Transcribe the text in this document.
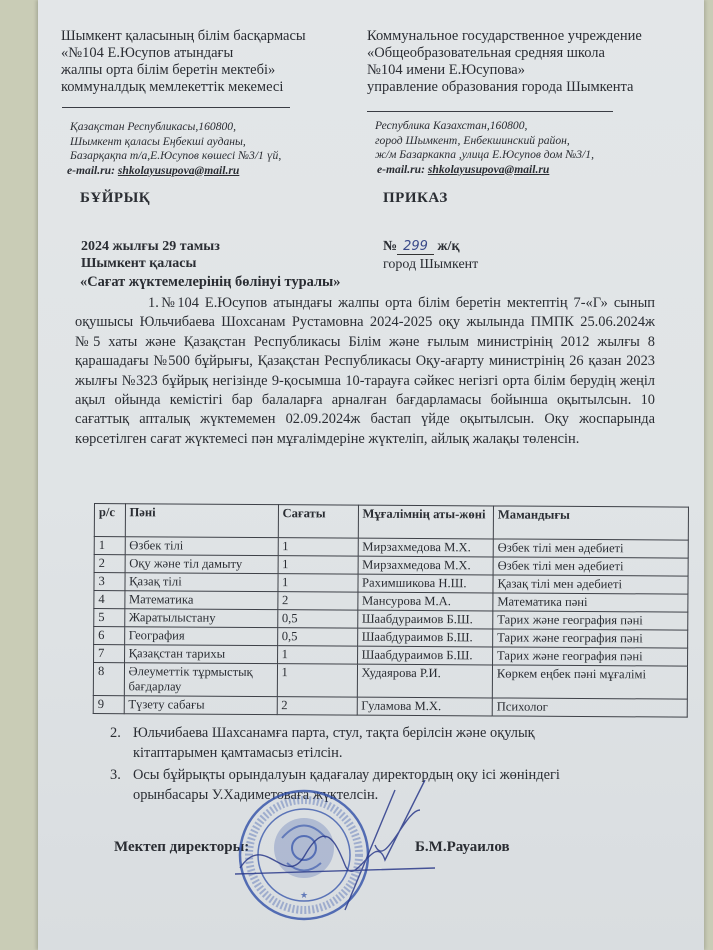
Шымкент қаласының білім басқармасы
«№104 Е.Юсупов атындағы
жалпы орта білім беретін мектебі»
коммуналдық мемлекеттік мекемесі
Коммунальное государственное учреждение
«Общеобразовательная средняя школа
№104 имени Е.Юсупова»
управление образования города Шымкента
Қазақстан Республикасы,160800,
Шымкент қаласы Еңбекші ауданы,
Базарқақпа т/а,Е.Юсупов көшесі №3/1 үй,
e-mail.ru: shkolayusupova@mail.ru
Республика Казахстан,160800,
город Шымкент, Енбекшинский район,
ж/м Базаркакпа ,улица Е.Юсупов дом №3/1,
e-mail.ru: shkolayusupova@mail.ru
БҰЙРЫҚ	ПРИКАЗ
2024 жылғы 29 тамыз
Шымкент қаласы
№ 299 ж/қ
город Шымкент
«Сағат жүктемелерінің бөлінуі туралы»
1.№104 Е.Юсупов атындағы жалпы орта білім беретін мектептің 7-«Г» сынып оқушысы Юльчибаева Шохсанам Рустамовна 2024-2025 оқу жылында ПМПК 25.06.2024ж №5 хаты және Қазақстан Республикасы Білім және ғылым министрінің 2012 жылғы 8 қарашадағы №500 бұйрығы, Қазақстан Республикасы Оқу-ағарту министрінің 26 қазан 2023 жылғы №323 бұйрық негізінде 9-қосымша 10-тарауға сәйкес негізгі орта білім берудің жеңіл ақыл ойында кемістігі бар балаларға арналған бағдарламасы бойынша оқытылсын. 10 сағаттық апталық жүктемемен 02.09.2024ж бастап үйде оқытылсын. Оқу жоспарында көрсетілген сағат жүктемесі пән мұғалімдеріне жүктеліп, айлық жалақы төленсін.
р/с	Пәні	Сағаты	Мұғалімнің аты-жөні	Мамандығы
1	Өзбек тілі	1	Мирзахмедова М.Х.	Өзбек тілі мен әдебиеті
2	Оқу және тіл дамыту	1	Мирзахмедова М.Х.	Өзбек тілі мен әдебиеті
3	Қазақ тілі	1	Рахимшикова Н.Ш.	Қазақ тілі мен әдебиеті
4	Математика	2	Мансурова М.А.	Математика пәні
5	Жаратылыстану	0,5	Шаабдураимов Б.Ш.	Тарих және география пәні
6	География	0,5	Шаабдураимов Б.Ш.	Тарих және география пәні
7	Қазақстан тарихы	1	Шаабдураимов Б.Ш.	Тарих және география пәні
8	Әлеуметтік тұрмыстық бағдарлау	1	Худаярова Р.И.	Көркем еңбек пәні мұғалімі
9	Түзету сабағы	2	Гуламова М.Х.	Психолог
2. Юльчибаева Шахсанамға парта, стул, тақта берілсін және оқулық
кітаптарымен қамтамасыз етілсін.
3. Осы бұйрықты орындалуын қадағалау директордың оқу ісі жөніндегі
орынбасары У.Хадиметоваға жүктелсін.
Мектеп директоры:	Б.М.Рауаилов
★
